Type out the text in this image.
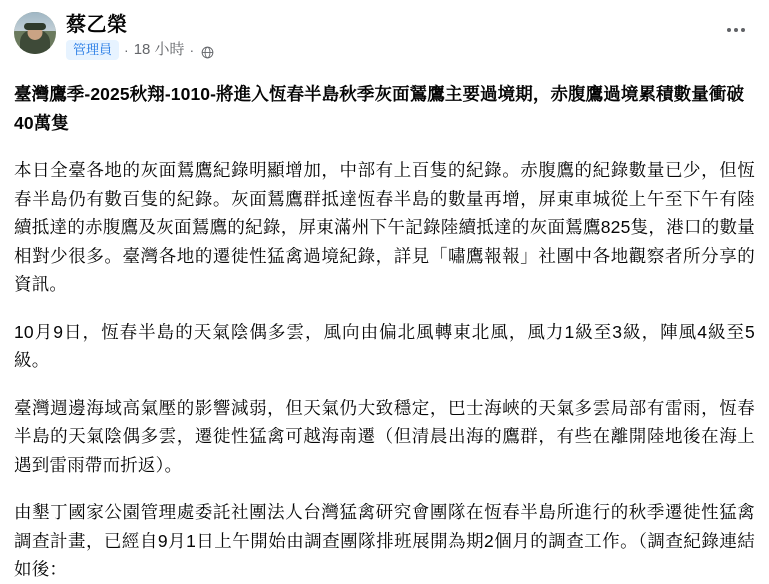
蔡乙榮
管理員 · 18 小時 ·
臺灣鷹季-2025秋翔-1010-將進入恆春半島秋季灰面鵟鷹主要過境期，赤腹鷹過境累積數量衝破40萬隻
本日全臺各地的灰面鵟鷹紀錄明顯增加，中部有上百隻的紀錄。赤腹鷹的紀錄數量已少，但恆春半島仍有數百隻的紀錄。灰面鵟鷹群抵達恆春半島的數量再增，屏東車城從上午至下午有陸續抵達的赤腹鷹及灰面鵟鷹的紀錄，屏東滿州下午記錄陸續抵達的灰面鵟鷹825隻，港口的數量相對少很多。臺灣各地的遷徙性猛禽過境紀錄，詳見「嘯鷹報報」社團中各地觀察者所分享的資訊。
10月9日，恆春半島的天氣陰偶多雲，風向由偏北風轉東北風，風力1級至3級，陣風4級至5級。
臺灣週邊海域高氣壓的影響減弱，但天氣仍大致穩定，巴士海峽的天氣多雲局部有雷雨，恆春半島的天氣陰偶多雲，遷徙性猛禽可越海南遷（但清晨出海的鷹群，有些在離開陸地後在海上遇到雷雨帶而折返）。
由墾丁國家公園管理處委託社團法人台灣猛禽研究會團隊在恆春半島所進行的秋季遷徙性猛禽調查計畫，已經自9月1日上午開始由調查團隊排班展開為期2個月的調查工作。（調查紀錄連結如後：
